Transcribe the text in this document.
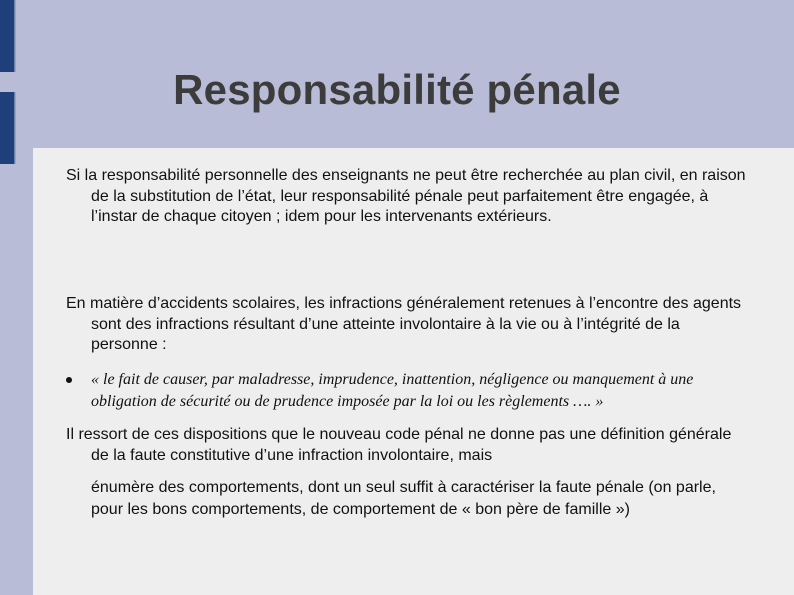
Responsabilité pénale

Si la responsabilité personnelle des enseignants ne peut être recherchée au plan civil, en raison de la substitution de l’état, leur responsabilité pénale peut parfaitement être engagée, à l’instar de chaque citoyen ; idem pour les intervenants extérieurs.

En matière d’accidents scolaires, les infractions généralement retenues à l’encontre des agents sont des infractions résultant d’une atteinte involontaire à la vie ou à l’intégrité de la personne :

« le fait de causer, par maladresse, imprudence, inattention, négligence ou manquement à une obligation de sécurité ou de prudence imposée par la loi ou les règlements …. »

Il ressort de ces dispositions que le nouveau code pénal ne donne pas une définition générale de la faute constitutive d’une infraction involontaire, mais

énumère des comportements, dont un seul suffit à caractériser la faute pénale (on parle, pour les bons comportements, de comportement de « bon père de famille »)
